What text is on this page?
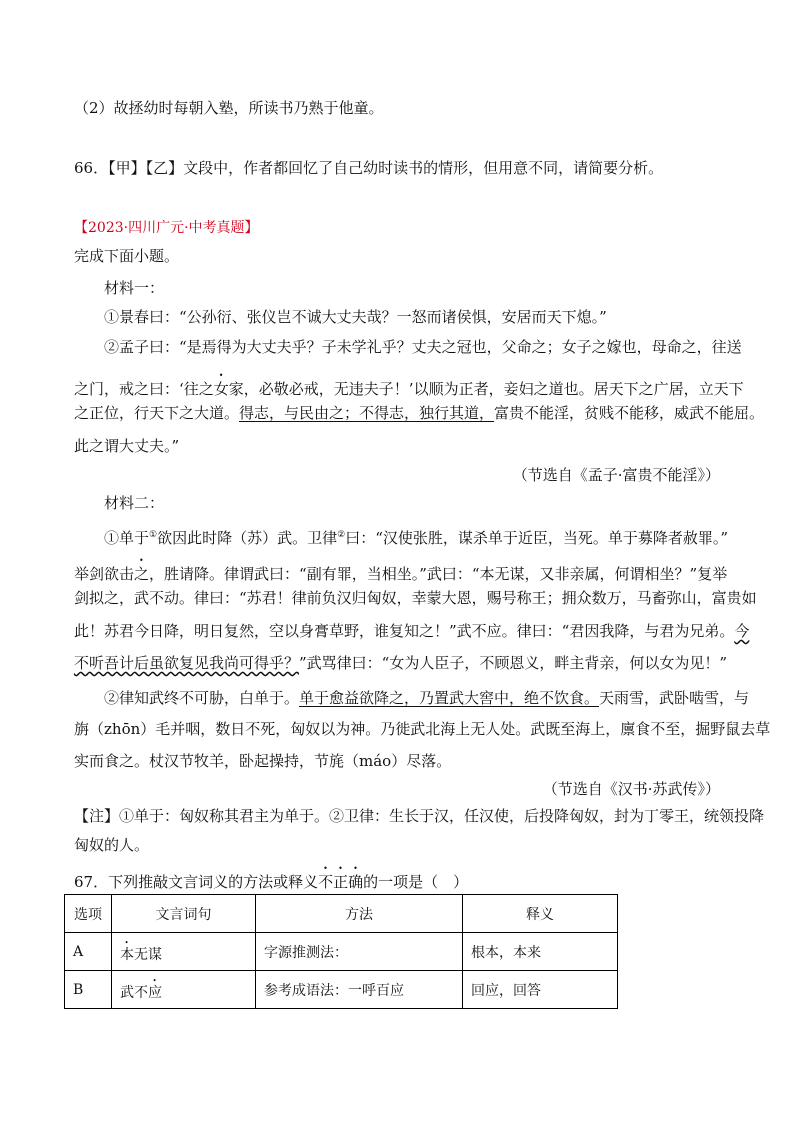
（2）故拯幼时每朝入塾，所读书乃熟于他童。
66．【甲】【乙】文段中，作者都回忆了自己幼时读书的情形，但用意不同，请简要分析。
【2023·四川广元·中考真题】
完成下面小题。
材料一：
①景春曰：“公孙衍、张仪岂不诚大丈夫哉？一怒而诸侯惧，安居而天下熄。”
②孟子曰：“是焉得为大丈夫乎？子未学礼乎？丈夫之冠也，父命之；女子之嫁也，母命之，往送
之门，戒之曰：‘往之女家，必敬必戒，无违夫子！’以顺为正者，妾妇之道也。居天下之广居，立天下
之正位，行天下之大道。得志，与民由之；不得志，独行其道，富贵不能淫，贫贱不能移，威武不能屈。
此之谓大丈夫。”
（节选自《孟子·富贵不能淫》）
材料二：
①单于①欲因此时降（苏）武。卫律②曰：“汉使张胜，谋杀单于近臣，当死。单于募降者赦罪。”
举剑欲击之，胜请降。律谓武曰：“副有罪，当相坐。”武曰：“本无谋，又非亲属，何谓相坐？”复举
剑拟之，武不动。律曰：“苏君！律前负汉归匈奴，幸蒙大恩，赐号称王；拥众数万，马畜弥山，富贵如
此！苏君今日降，明日复然，空以身膏草野，谁复知之！”武不应。律曰：“君因我降，与君为兄弟。今
不听吾计后虽欲复见我尚可得乎？”武骂律曰：“女为人臣子，不顾恩义，畔主背亲，何以女为见！”
②律知武终不可胁，白单于。单于愈益欲降之，乃置武大窖中，绝不饮食。天雨雪，武卧啮雪，与
旃（zhōn）毛并咽，数日不死，匈奴以为神。乃徙武北海上无人处。武既至海上，廪食不至，掘野鼠去草
实而食之。杖汉节牧羊，卧起操持，节旄（máo）尽落。
（节选自《汉书·苏武传》）
【注】①单于：匈奴称其君主为单于。②卫律：生长于汉，任汉使，后投降匈奴，封为丁零王，统领投降
匈奴的人。
67．下列推敲文言词义的方法或释义不正确的一项是（　）
选项	文言词句	方法	释义
A	本无谋	字源推测法：	根本，本来
B	武不应	参考成语法：一呼百应	回应，回答
